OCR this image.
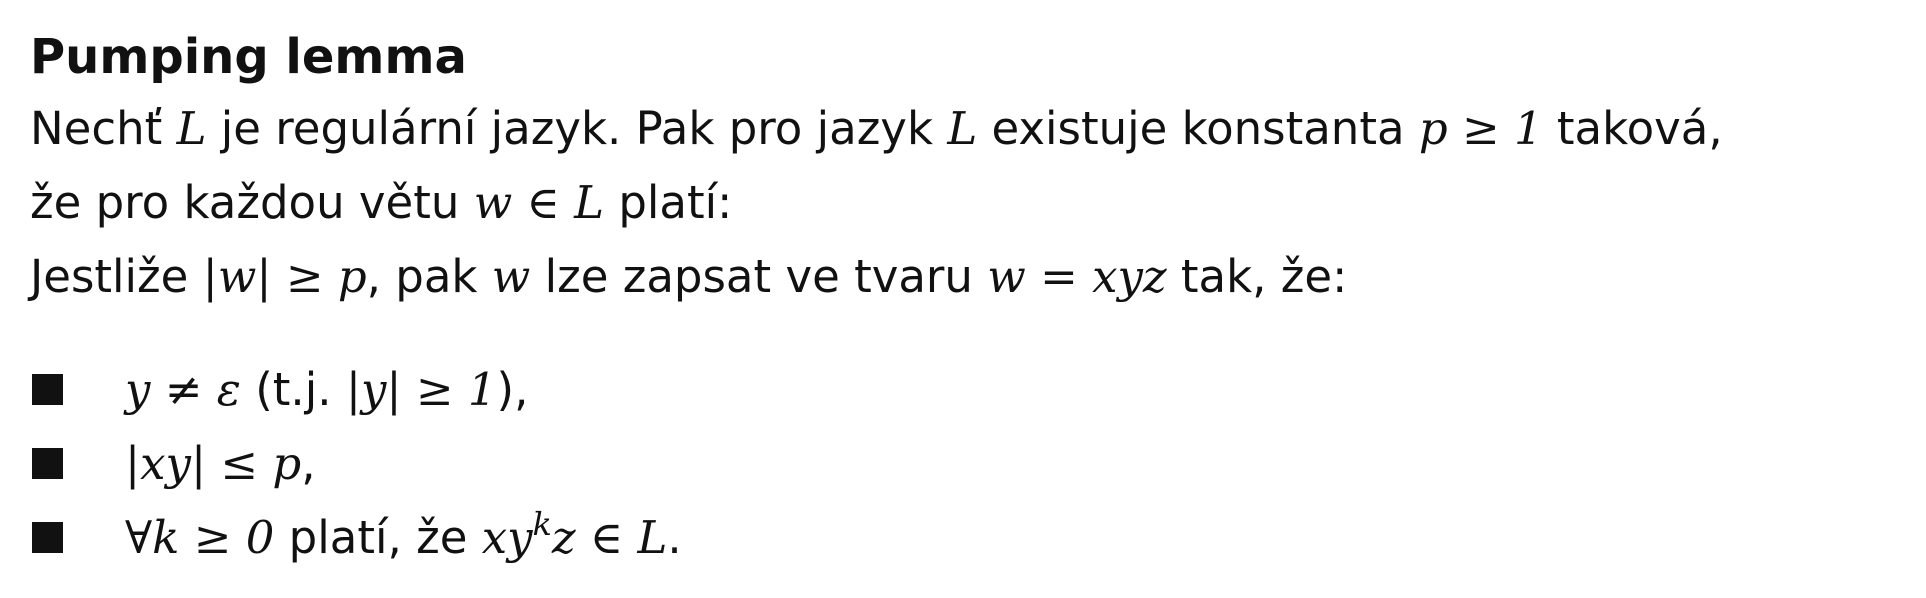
Pumping lemma
Nechť L je regulární jazyk. Pak pro jazyk L existuje konstanta p ≥ 1 taková,
že pro každou větu w ∈ L platí:
Jestliže |w| ≥ p, pak w lze zapsat ve tvaru w = xyz tak, že:
y ≠ ε (t.j. |y| ≥ 1),
|xy| ≤ p,
∀k ≥ 0 platí, že $xy^kz$ ∈ L.
